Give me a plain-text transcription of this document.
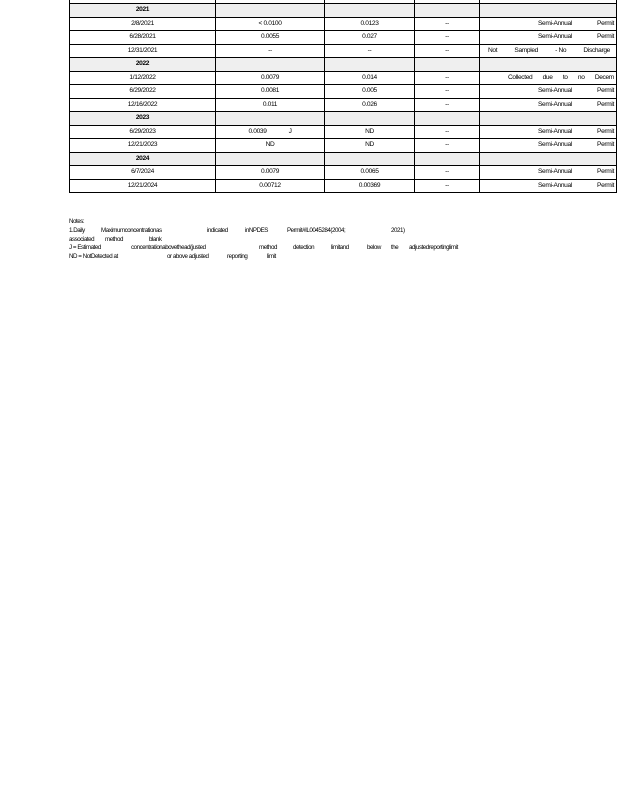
2021				
2/8/2021	< 0.0100	0.0123	--	Semi-Annual Permit

6/28/2021	0.0055	0.027	--	Semi-Annual Permit

12/31/2021	--	--	--	Not Sampled - No Discharge

2022				
1/12/2022	0.0079	0.014	--	Collected due to no Decem

6/29/2022	0.0081	0.005	--	Semi-Annual Permit

12/16/2022	0.011	0.026	--	Semi-Annual Permit

2023				
6/29/2023	0.0039 J	ND	--	Semi-Annual Permit

12/21/2023	ND	ND	--	Semi-Annual Permit

2024				
6/7/2024	0.0079	0.0065	--	Semi-Annual Permit

12/21/2024	0.00712	0.00369	--	Semi-Annual Permit
Notes:
1.Daily	Maximumconcentrationas	indicated	inNPDES	Permit#IL0045284(2004;	2021)
associated method	blank
J = Estimated	concentrationabovethead(justed	method	detection	limitand	below the adjustedreportinglimit
ND = NotDetected at	or above adjusted	reporting	limit
